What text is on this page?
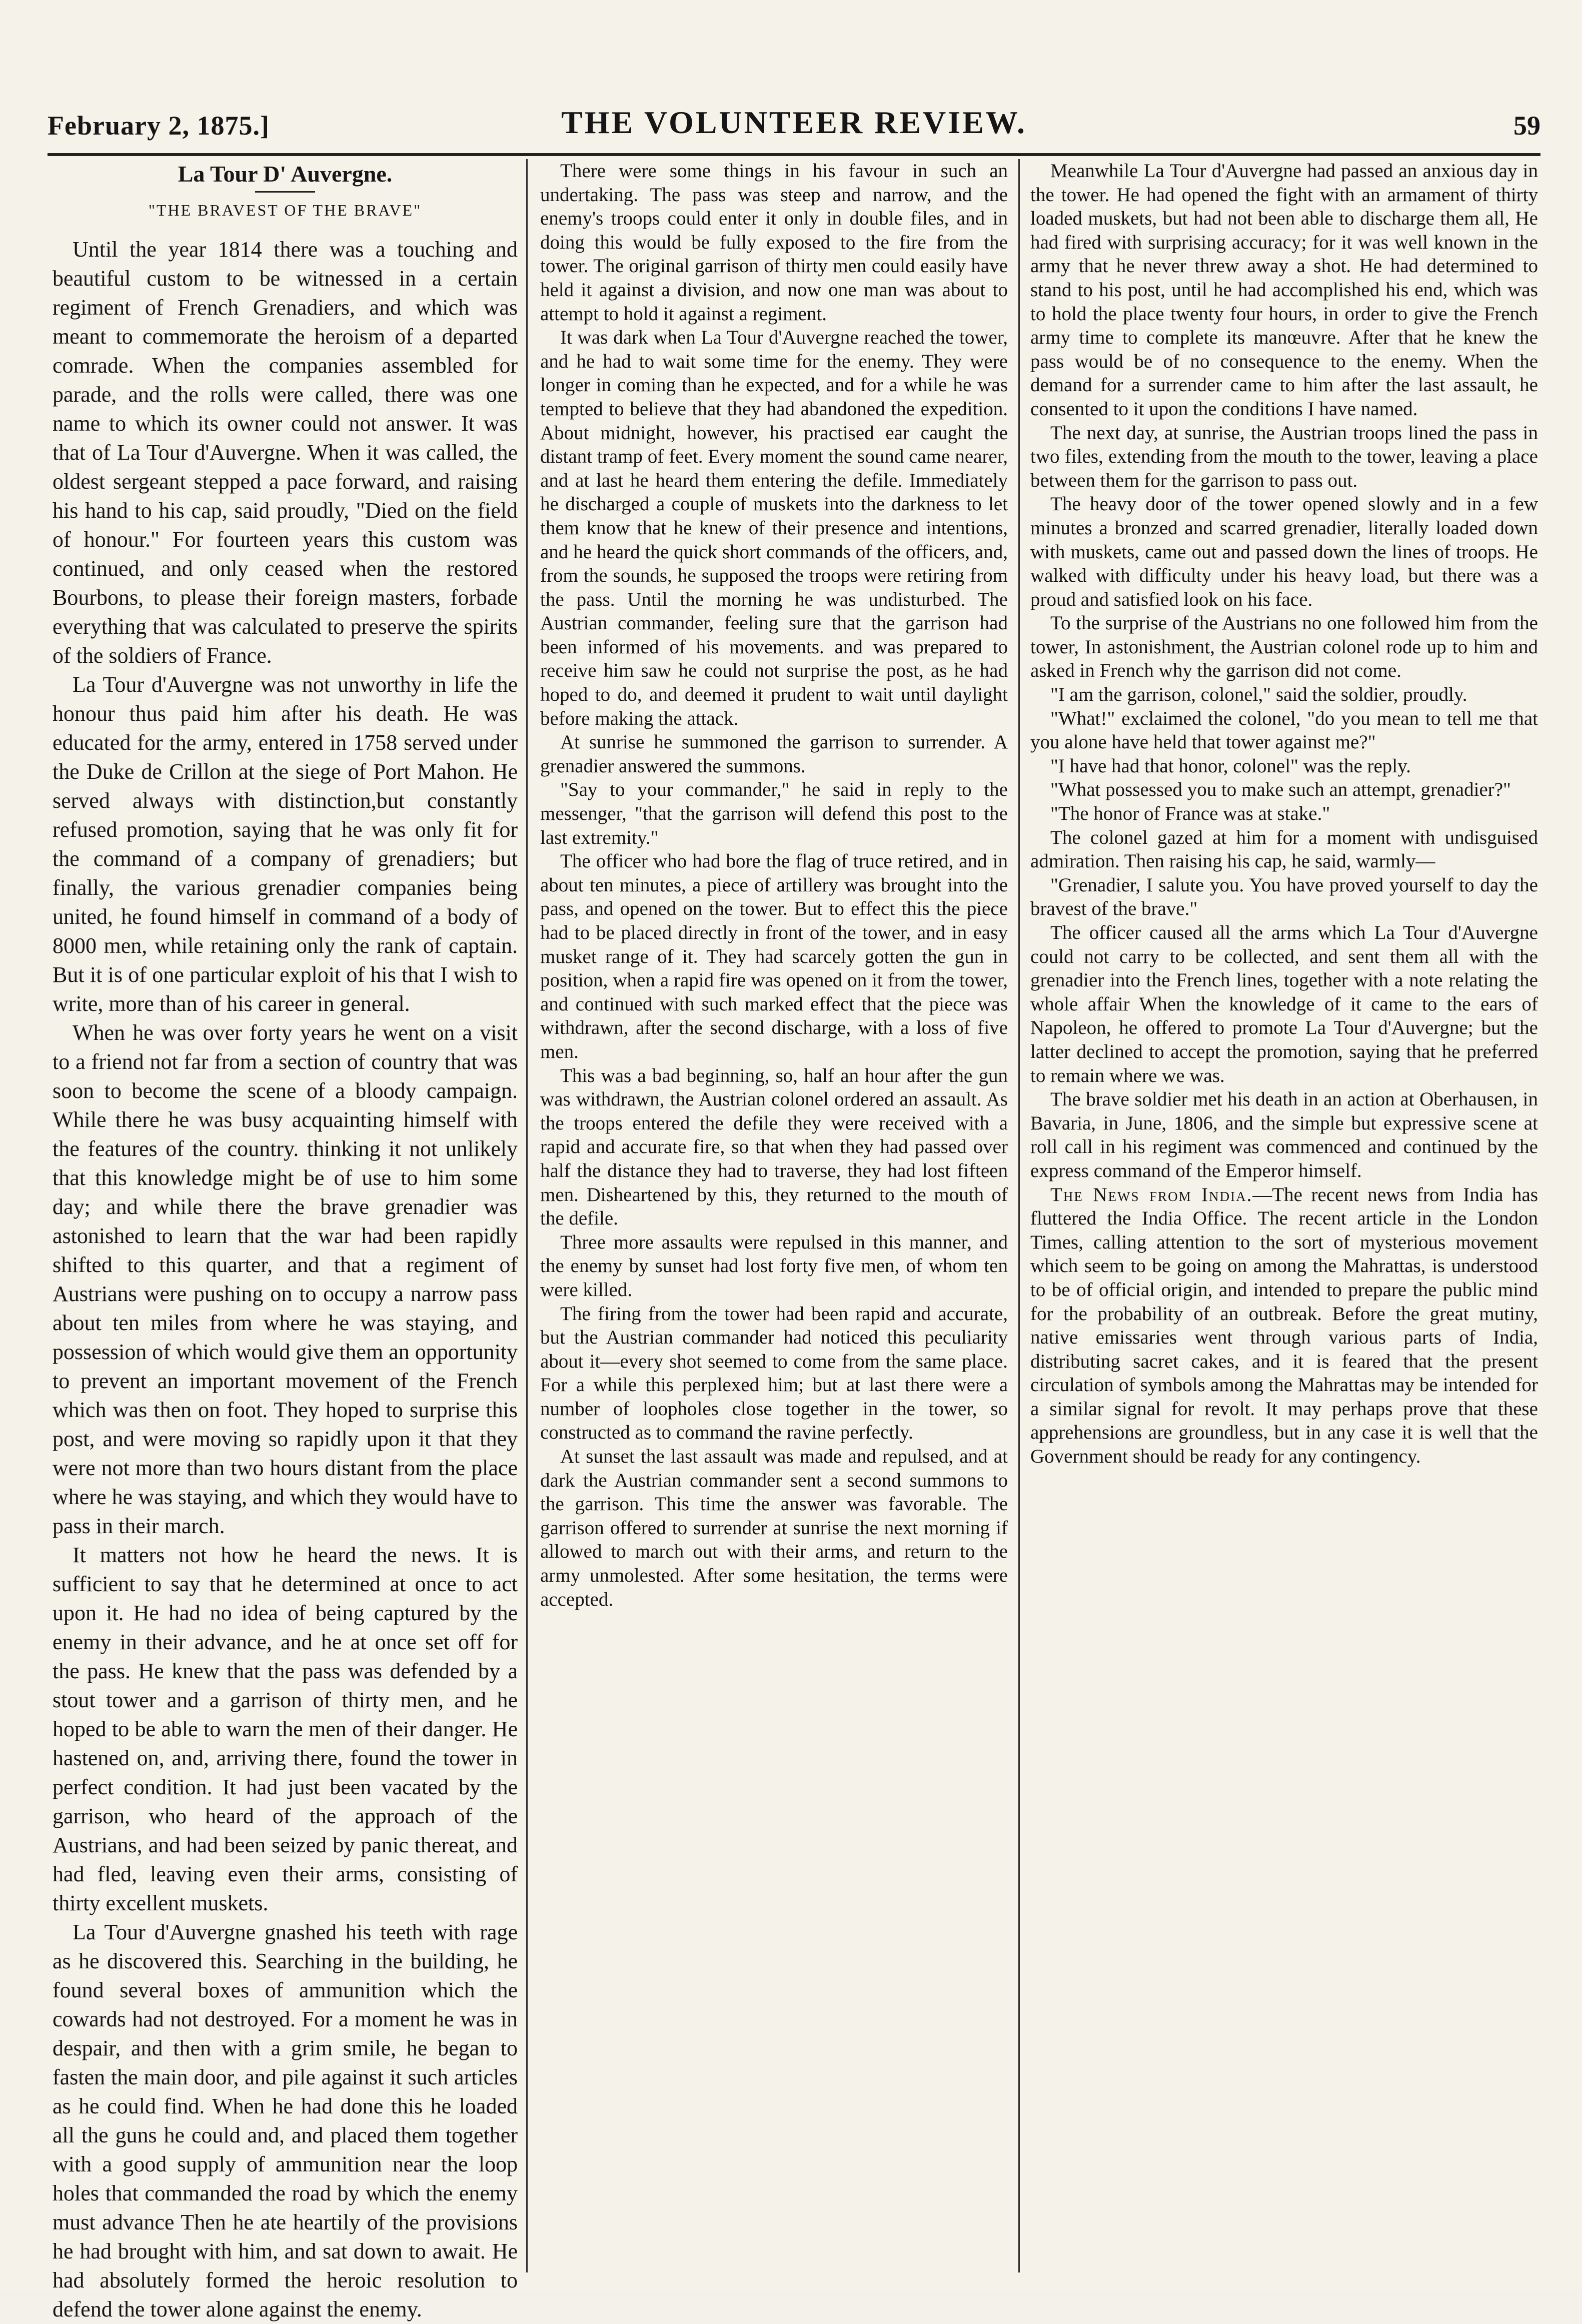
February 2, 1875.]	THE VOLUNTEER REVIEW.	59
La Tour D' Auvergne.
"THE BRAVEST OF THE BRAVE"

Until the year 1814 there was a touching and beautiful custom to be witnessed in a certain regiment of French Grenadiers, and which was meant to commemorate the heroism of a departed comrade. When the companies assembled for parade, and the rolls were called, there was one name to which its owner could not answer. It was that of La Tour d'Auvergne. When it was called, the oldest sergeant stepped a pace forward, and raising his hand to his cap, said proudly, "Died on the field of honour." For fourteen years this custom was continued, and only ceased when the restored Bourbons, to please their foreign masters, forbade everything that was calculated to preserve the spirits of the soldiers of France.

La Tour d'Auvergne was not unworthy in life the honour thus paid him after his death. He was educated for the army, entered in 1758 served under the Duke de Crillon at the siege of Port Mahon. He served always with distinction,but constantly refused promotion, saying that he was only fit for the command of a company of grenadiers; but finally, the various grenadier companies being united, he found himself in command of a body of 8000 men, while retaining only the rank of captain. But it is of one particular exploit of his that I wish to write, more than of his career in general.

When he was over forty years he went on a visit to a friend not far from a section of country that was soon to become the scene of a bloody campaign. While there he was busy acquainting himself with the features of the country. thinking it not unlikely that this knowledge might be of use to him some day; and while there the brave grenadier was astonished to learn that the war had been rapidly shifted to this quarter, and that a regiment of Austrians were pushing on to occupy a narrow pass about ten miles from where he was staying, and possession of which would give them an opportunity to prevent an important movement of the French which was then on foot. They hoped to surprise this post, and were moving so rapidly upon it that they were not more than two hours distant from the place where he was staying, and which they would have to pass in their march.

It matters not how he heard the news. It is sufficient to say that he determined at once to act upon it. He had no idea of being captured by the enemy in their advance, and he at once set off for the pass. He knew that the pass was defended by a stout tower and a garrison of thirty men, and he hoped to be able to warn the men of their danger. He hastened on, and, arriving there, found the tower in perfect condition. It had just been vacated by the garrison, who heard of the approach of the Austrians, and had been seized by panic thereat, and had fled, leaving even their arms, consisting of thirty excellent muskets.

La Tour d'Auvergne gnashed his teeth with rage as he discovered this. Searching in the building, he found several boxes of ammunition which the cowards had not destroyed. For a moment he was in despair, and then with a grim smile, he began to fasten the main door, and pile against it such articles as he could find. When he had done this he loaded all the guns he could and, and placed them together with a good supply of ammunition near the loop holes that commanded the road by which the enemy must advance Then he ate heartily of the provisions he had brought with him, and sat down to await. He had absolutely formed the heroic resolution to defend the tower alone against the enemy.

There were some things in his favour in such an undertaking. The pass was steep and narrow, and the enemy's troops could enter it only in double files, and in doing this would be fully exposed to the fire from the tower. The original garrison of thirty men could easily have held it against a division, and now one man was about to attempt to hold it against a regiment.

It was dark when La Tour d'Auvergne reached the tower, and he had to wait some time for the enemy. They were longer in coming than he expected, and for a while he was tempted to believe that they had abandoned the expedition. About midnight, however, his practised ear caught the distant tramp of feet. Every moment the sound came nearer, and at last he heard them entering the defile. Immediately he discharged a couple of muskets into the darkness to let them know that he knew of their presence and intentions, and he heard the quick short commands of the officers, and, from the sounds, he supposed the troops were retiring from the pass. Until the morning he was undisturbed. The Austrian commander, feeling sure that the garrison had been informed of his movements. and was prepared to receive him saw he could not surprise the post, as he had hoped to do, and deemed it prudent to wait until daylight before making the attack.

At sunrise he summoned the garrison to surrender. A grenadier answered the summons.

"Say to your commander," he said in reply to the messenger, "that the garrison will defend this post to the last extremity."

The officer who had bore the flag of truce retired, and in about ten minutes, a piece of artillery was brought into the pass, and opened on the tower. But to effect this the piece had to be placed directly in front of the tower, and in easy musket range of it. They had scarcely gotten the gun in position, when a rapid fire was opened on it from the tower, and continued with such marked effect that the piece was withdrawn, after the second discharge, with a loss of five men.

This was a bad beginning, so, half an hour after the gun was withdrawn, the Austrian colonel ordered an assault. As the troops entered the defile they were received with a rapid and accurate fire, so that when they had passed over half the distance they had to traverse, they had lost fifteen men. Disheartened by this, they returned to the mouth of the defile.

Three more assaults were repulsed in this manner, and the enemy by sunset had lost forty five men, of whom ten were killed.

The firing from the tower had been rapid and accurate, but the Austrian commander had noticed this peculiarity about it—every shot seemed to come from the same place. For a while this perplexed him; but at last there were a number of loopholes close together in the tower, so constructed as to command the ravine perfectly.

At sunset the last assault was made and repulsed, and at dark the Austrian commander sent a second summons to the garrison. This time the answer was favorable. The garrison offered to surrender at sunrise the next morning if allowed to march out with their arms, and return to the army unmolested. After some hesitation, the terms were accepted.

Meanwhile La Tour d'Auvergne had passed an anxious day in the tower. He had opened the fight with an armament of thirty loaded muskets, but had not been able to discharge them all, He had fired with surprising accuracy; for it was well known in the army that he never threw away a shot. He had determined to stand to his post, until he had accomplished his end, which was to hold the place twenty four hours, in order to give the French army time to complete its manœuvre. After that he knew the pass would be of no consequence to the enemy. When the demand for a surrender came to him after the last assault, he consented to it upon the conditions I have named.

The next day, at sunrise, the Austrian troops lined the pass in two files, extending from the mouth to the tower, leaving a place between them for the garrison to pass out.

The heavy door of the tower opened slowly and in a few minutes a bronzed and scarred grenadier, literally loaded down with muskets, came out and passed down the lines of troops. He walked with difficulty under his heavy load, but there was a proud and satisfied look on his face.

To the surprise of the Austrians no one followed him from the tower, In astonishment, the Austrian colonel rode up to him and asked in French why the garrison did not come.

"I am the garrison, colonel," said the soldier, proudly.

"What!" exclaimed the colonel, "do you mean to tell me that you alone have held that tower against me?"

"I have had that honor, colonel" was the reply.

"What possessed you to make such an attempt, grenadier?"

"The honor of France was at stake."

The colonel gazed at him for a moment with undisguised admiration. Then raising his cap, he said, warmly—

"Grenadier, I salute you. You have proved yourself to day the bravest of the brave."

The officer caused all the arms which La Tour d'Auvergne could not carry to be collected, and sent them all with the grenadier into the French lines, together with a note relating the whole affair When the knowledge of it came to the ears of Napoleon, he offered to promote La Tour d'Auvergne; but the latter declined to accept the promotion, saying that he preferred to remain where we was.

The brave soldier met his death in an action at Oberhausen, in Bavaria, in June, 1806, and the simple but expressive scene at roll call in his regiment was commenced and continued by the express command of the Emperor himself.

The News from India.—The recent news from India has fluttered the India Office. The recent article in the London Times, calling attention to the sort of mysterious movement which seem to be going on among the Mahrattas, is understood to be of official origin, and intended to prepare the public mind for the probability of an outbreak. Before the great mutiny, native emissaries went through various parts of India, distributing sacret cakes, and it is feared that the present circulation of symbols among the Mahrattas may be intended for a similar signal for revolt. It may perhaps prove that these apprehensions are groundless, but in any case it is well that the Government should be ready for any contingency.
